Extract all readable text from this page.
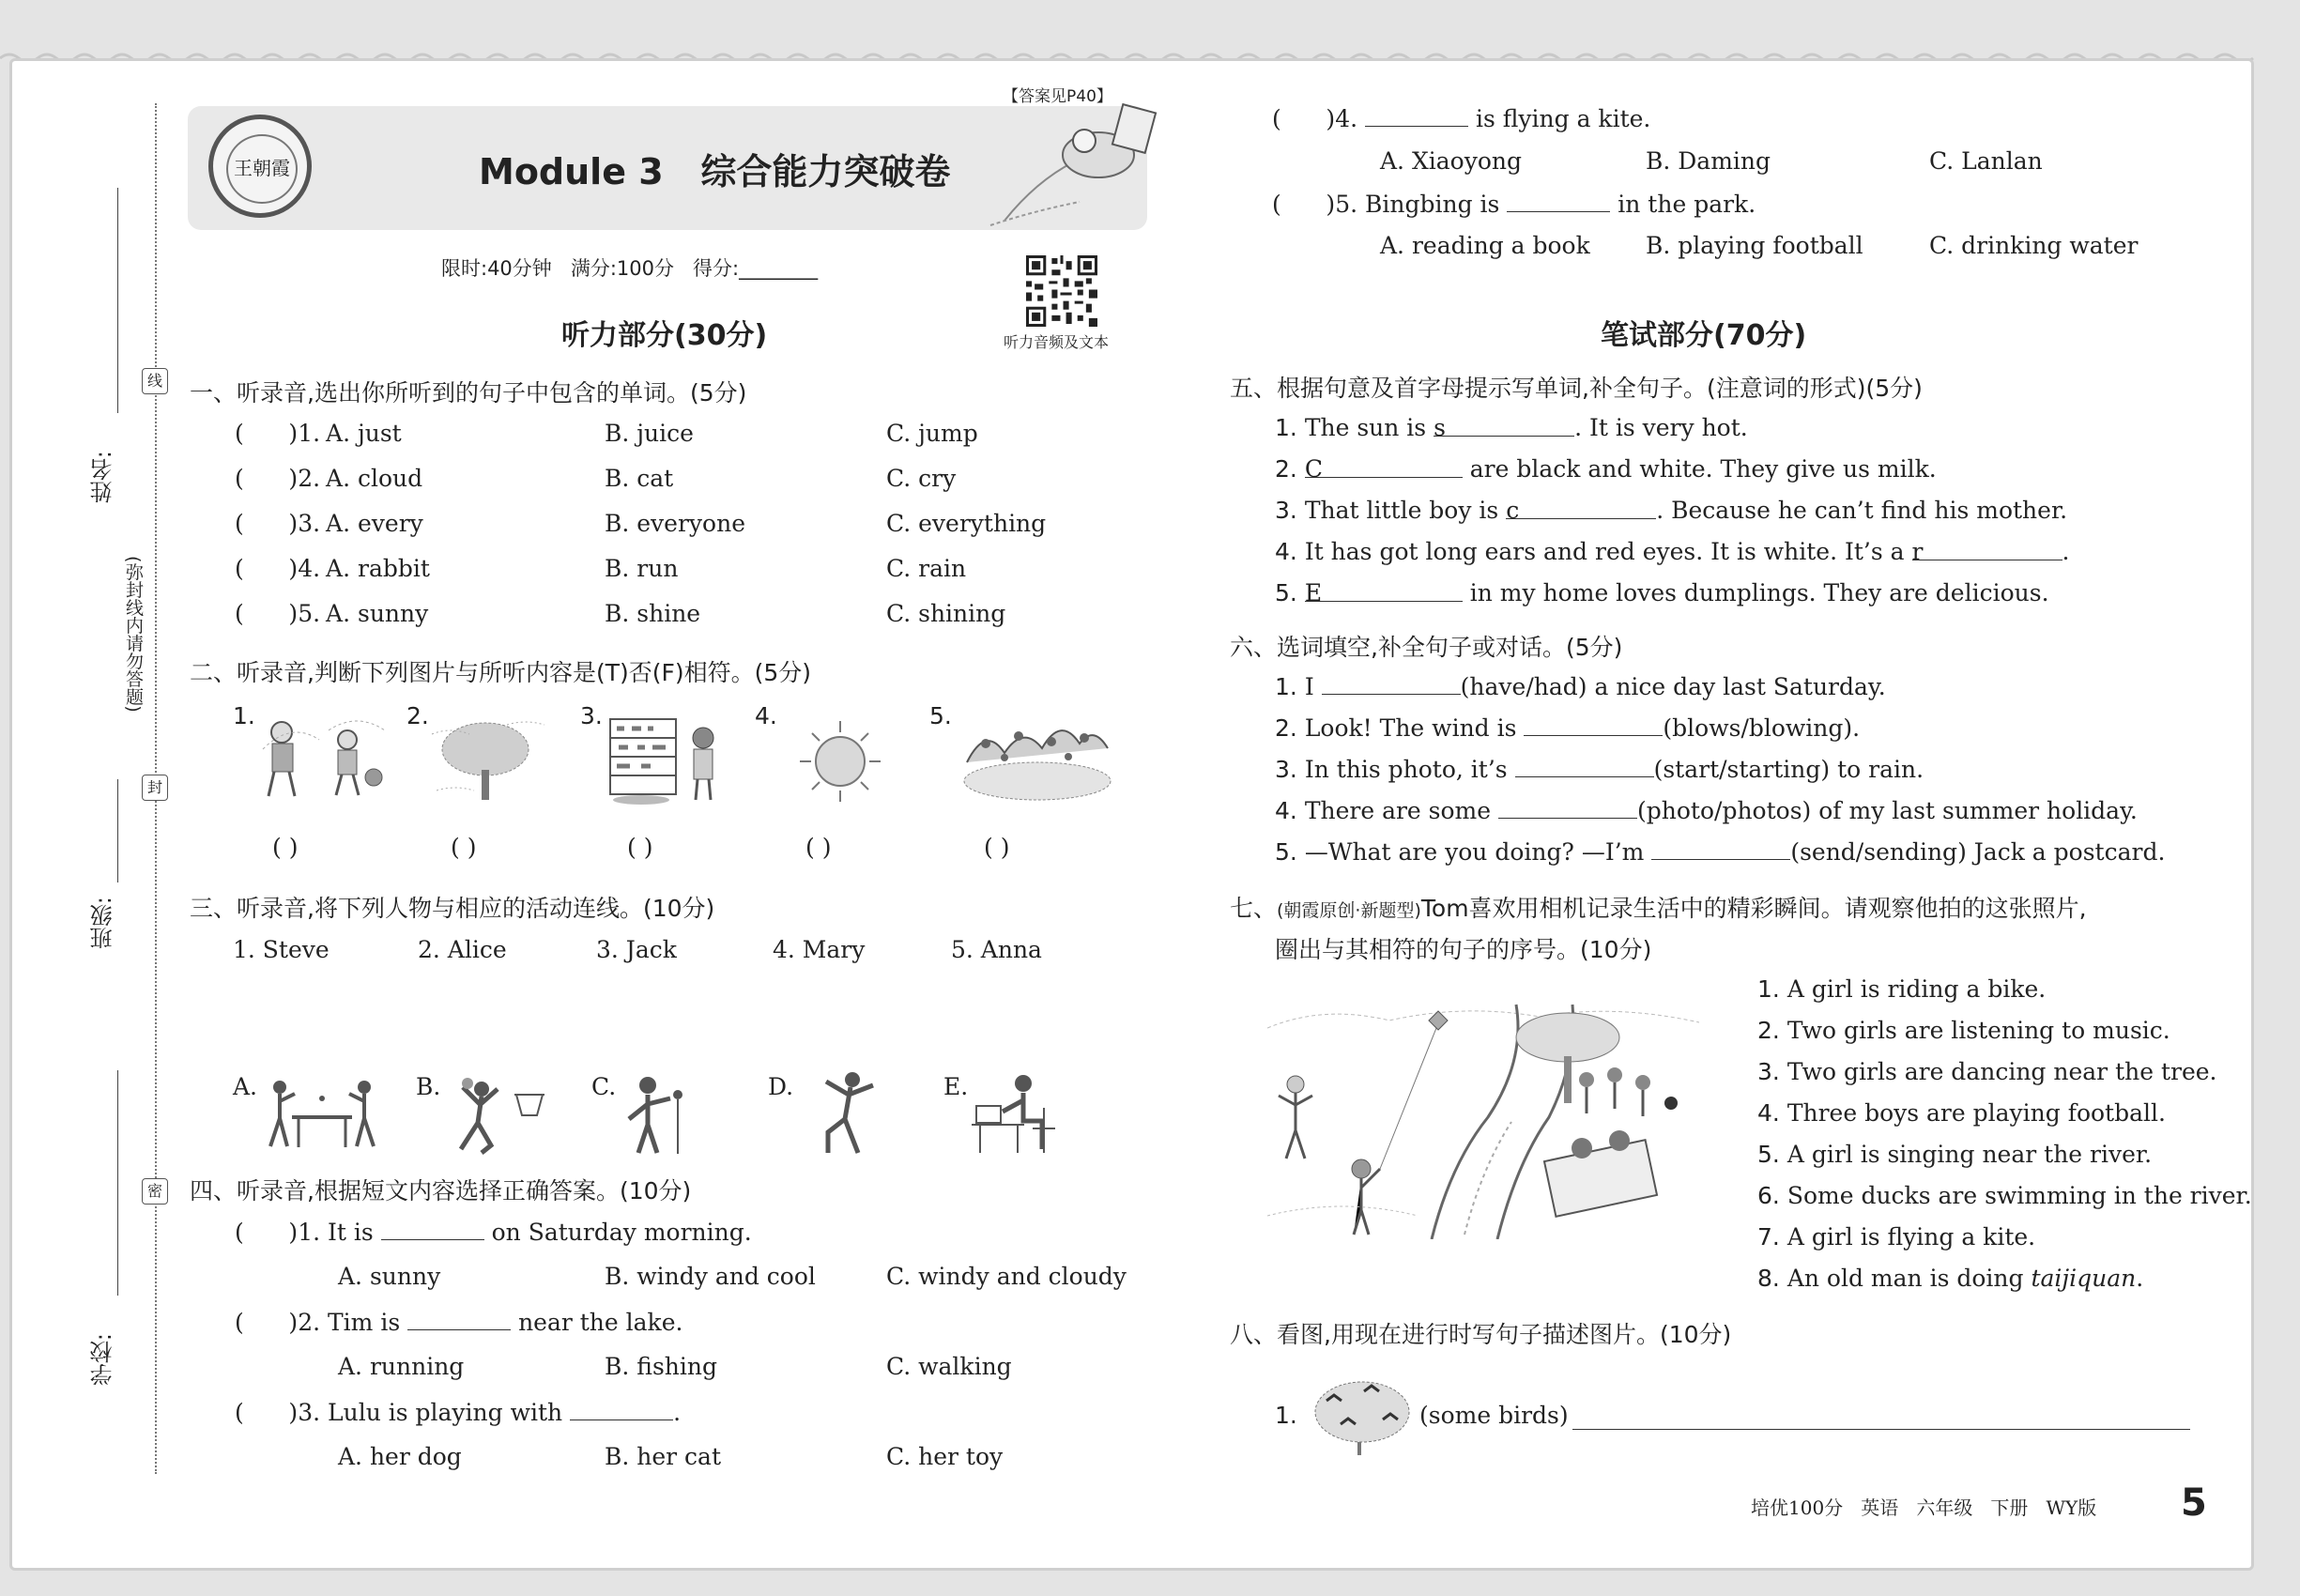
线
封
密
姓名:
(弥封线内请勿答题)
班级:
学校:
王朝霞	Module 3   综合能力突破卷
【答案见P40】
限时:40分钟   满分:100分   得分:________
听力音频及文本
听力部分(30分)
一、听录音,选出你所听到的句子中包含的单词。(5分)
(      )1. A. just	B. juice	C. jump
(      )2. A. cloud	B. cat	C. cry
(      )3. A. every	B. everyone	C. everything
(      )4. A. rabbit	B. run	C. rain
(      )5. A. sunny	B. shine	C. shining
二、听录音,判断下列图片与所听内容是(T)否(F)相符。(5分)
1.	2.	3.	4.	5.
( )	( )	( )	( )	( )
三、听录音,将下列人物与相应的活动连线。(10分)
1. Steve	2. Alice	3. Jack	4. Mary	5. Anna
A.	B.	C.	D.	E.
四、听录音,根据短文内容选择正确答案。(10分)
(      )1. It is	on Saturday morning.
A. sunny	B. windy and cool	C. windy and cloudy
(      )2. Tim is	near the lake.
A. running	B. fishing	C. walking
(      )3. Lulu is playing with	.
A. her dog	B. her cat	C. her toy
(      )4.	is flying a kite.
A. Xiaoyong	B. Daming	C. Lanlan
(      )5. Bingbing is	in the park.
A. reading a book B. playing football	C. drinking water
笔试部分(70分)
五、根据句意及首字母提示写单词,补全句子。(注意词的形式)(5分)
1. The sun is s	. It is very hot.
2. C	are black and white. They give us milk.
3. That little boy is c	. Because he can’t find his mother.
4. It has got long ears and red eyes. It is white. It’s a r	.
5. E	in my home loves dumplings. They are delicious.
六、选词填空,补全句子或对话。(5分)
1. I	(have/had) a nice day last Saturday.
2. Look! The wind is	(blows/blowing).
3. In this photo, it’s	(start/starting) to rain.
4. There are some	(photo/photos) of my last summer holiday.
5. —What are you doing? —I’m	(send/sending) Jack a postcard.
七、(朝霞原创·新题型)Tom喜欢用相机记录生活中的精彩瞬间。请观察他拍的这张照片,
圈出与其相符的句子的序号。(10分)
1. A girl is riding a bike.
2. Two girls are listening to music.
3. Two girls are dancing near the tree.
4. Three boys are playing football.
5. A girl is singing near the river.
6. Some ducks are swimming in the river.
7. A girl is flying a kite.
8. An old man is doing taijiquan.
八、看图,用现在进行时写句子描述图片。(10分)
1.	(some birds)
培优100分   英语   六年级   下册   WY版 5
